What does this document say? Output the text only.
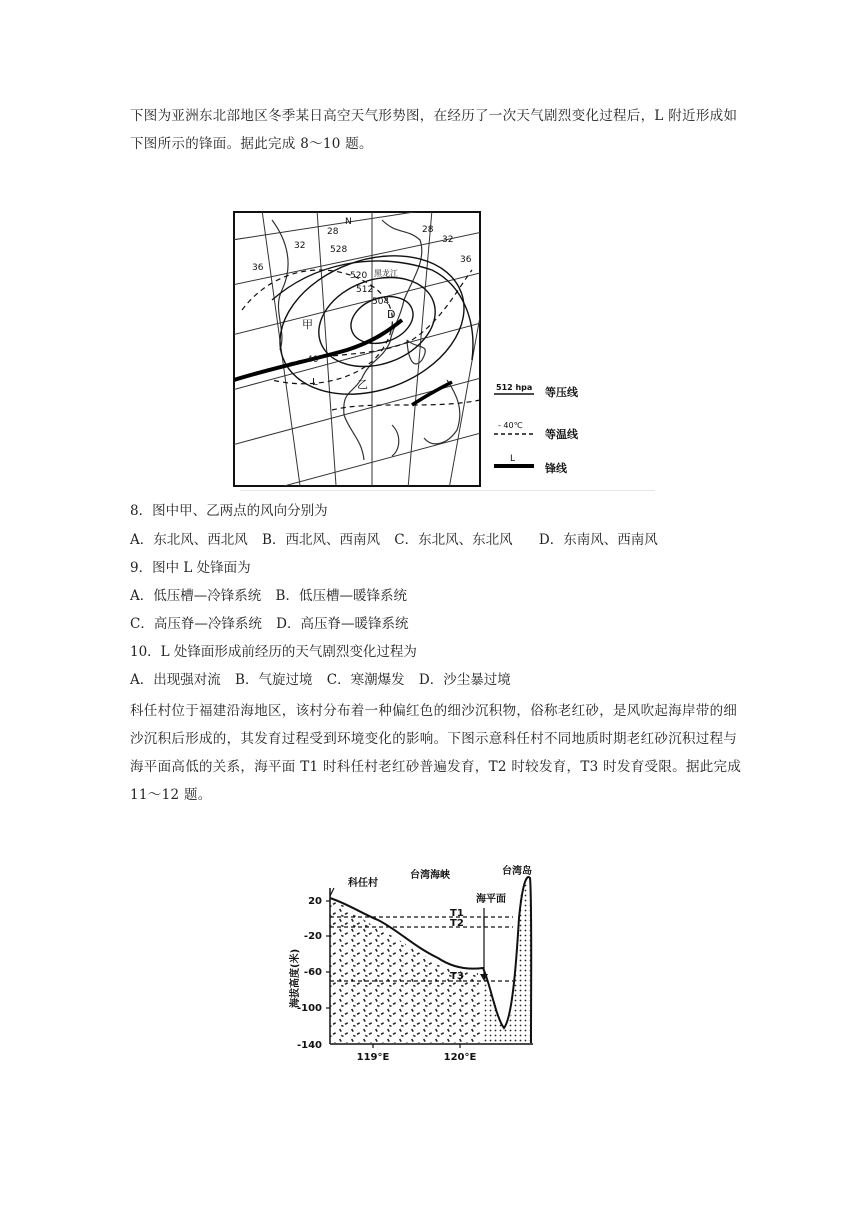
下图为亚洲东北部地区冬季某日高空天气形势图，在经历了一次天气剧烈变化过程后，L 附近形成如下图所示的锋面。据此完成 8～10 题。
甲
乙
L
32
28
N
528
36
32
36
28
520
512
504
D
40
黑龙江
512 hpa 等压线
- 40℃
等温线
L
锋线
8．图中甲、乙两点的风向分别为
A．东北风、西北风 B．西北风、西南风 C．东北风、东北风 D．东南风、西南风
9．图中 L 处锋面为
A．低压槽—冷锋系统 B．低压槽—暖锋系统
C．高压脊—冷锋系统 D．高压脊—暖锋系统
10．L 处锋面形成前经历的天气剧烈变化过程为
A．出现强对流 B．气旋过境 C．寒潮爆发 D．沙尘暴过境
科任村位于福建沿海地区，该村分布着一种偏红色的细沙沉积物，俗称老红砂，是风吹起海岸带的细沙沉积后形成的，其发育过程受到环境变化的影响。下图示意科任村不同地质时期老红砂沉积过程与海平面高低的关系，海平面 T1 时科任村老红砂普遍发育，T2 时较发育，T3 时发育受限。据此完成 11～12 题。
20
-20
-60
-100
-140
119°E	120°E
科任村
台湾海峡	台湾岛
海平面
T1
T2
T3
海拔高度(米)
